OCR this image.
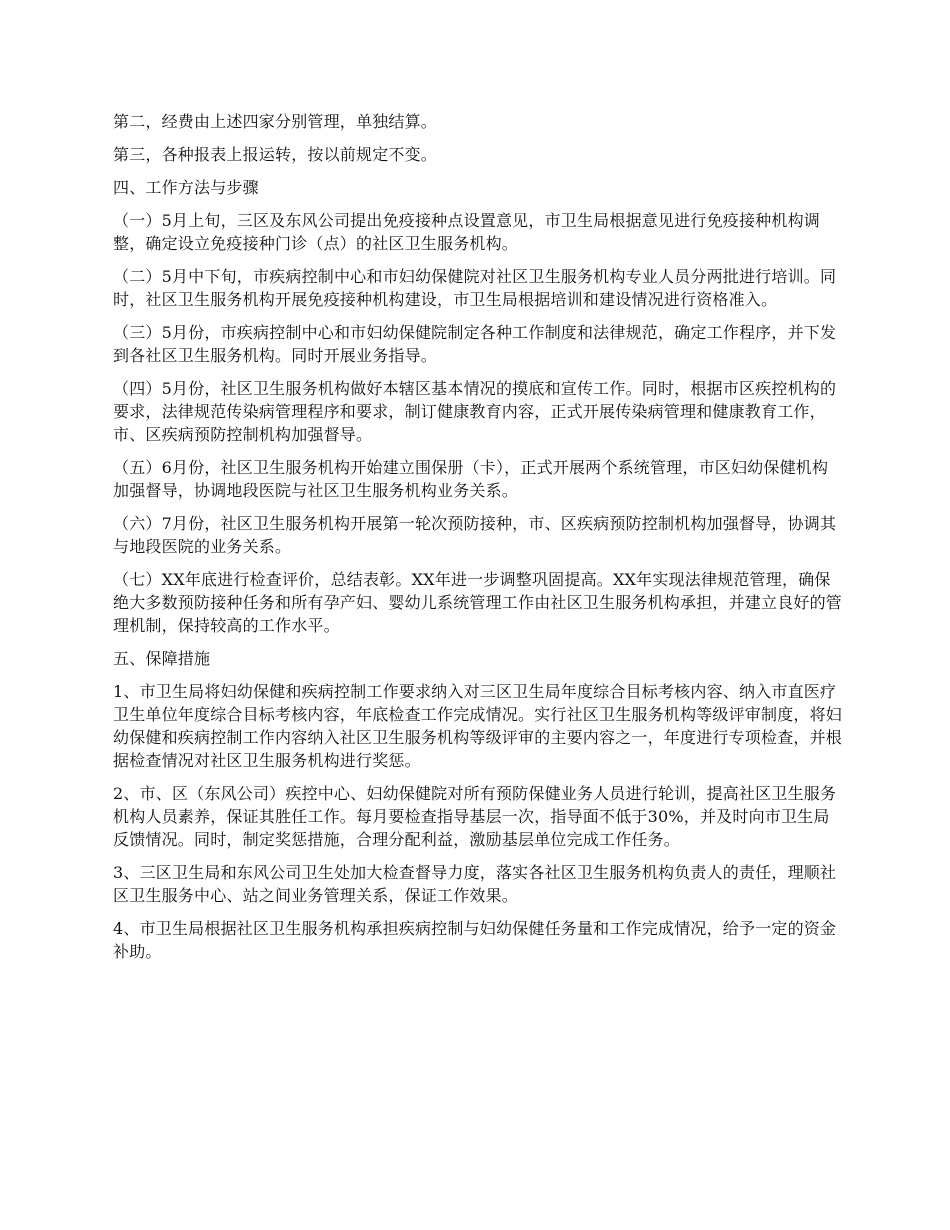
第二，经费由上述四家分别管理，单独结算。

第三，各种报表上报运转，按以前规定不变。

四、工作方法与步骤

（一）5月上旬，三区及东风公司提出免疫接种点设置意见，市卫生局根据意见进行免疫接种机构调整，确定设立免疫接种门诊（点）的社区卫生服务机构。

（二）5月中下旬，市疾病控制中心和市妇幼保健院对社区卫生服务机构专业人员分两批进行培训。同时，社区卫生服务机构开展免疫接种机构建设，市卫生局根据培训和建设情况进行资格准入。

（三）5月份，市疾病控制中心和市妇幼保健院制定各种工作制度和法律规范，确定工作程序，并下发到各社区卫生服务机构。同时开展业务指导。

（四）5月份，社区卫生服务机构做好本辖区基本情况的摸底和宣传工作。同时，根据市区疾控机构的要求，法律规范传染病管理程序和要求，制订健康教育内容，正式开展传染病管理和健康教育工作，市、区疾病预防控制机构加强督导。

（五）6月份，社区卫生服务机构开始建立围保册（卡），正式开展两个系统管理，市区妇幼保健机构加强督导，协调地段医院与社区卫生服务机构业务关系。

（六）7月份，社区卫生服务机构开展第一轮次预防接种，市、区疾病预防控制机构加强督导，协调其与地段医院的业务关系。

（七）XX年底进行检查评价，总结表彰。XX年进一步调整巩固提高。XX年实现法律规范管理，确保绝大多数预防接种任务和所有孕产妇、婴幼儿系统管理工作由社区卫生服务机构承担，并建立良好的管理机制，保持较高的工作水平。

五、保障措施

1、市卫生局将妇幼保健和疾病控制工作要求纳入对三区卫生局年度综合目标考核内容、纳入市直医疗卫生单位年度综合目标考核内容，年底检查工作完成情况。实行社区卫生服务机构等级评审制度，将妇幼保健和疾病控制工作内容纳入社区卫生服务机构等级评审的主要内容之一，年度进行专项检查，并根据检查情况对社区卫生服务机构进行奖惩。

2、市、区（东风公司）疾控中心、妇幼保健院对所有预防保健业务人员进行轮训，提高社区卫生服务机构人员素养，保证其胜任工作。每月要检查指导基层一次，指导面不低于30%，并及时向市卫生局反馈情况。同时，制定奖惩措施，合理分配利益，激励基层单位完成工作任务。

3、三区卫生局和东风公司卫生处加大检查督导力度，落实各社区卫生服务机构负责人的责任，理顺社区卫生服务中心、站之间业务管理关系，保证工作效果。

4、市卫生局根据社区卫生服务机构承担疾病控制与妇幼保健任务量和工作完成情况，给予一定的资金补助。
